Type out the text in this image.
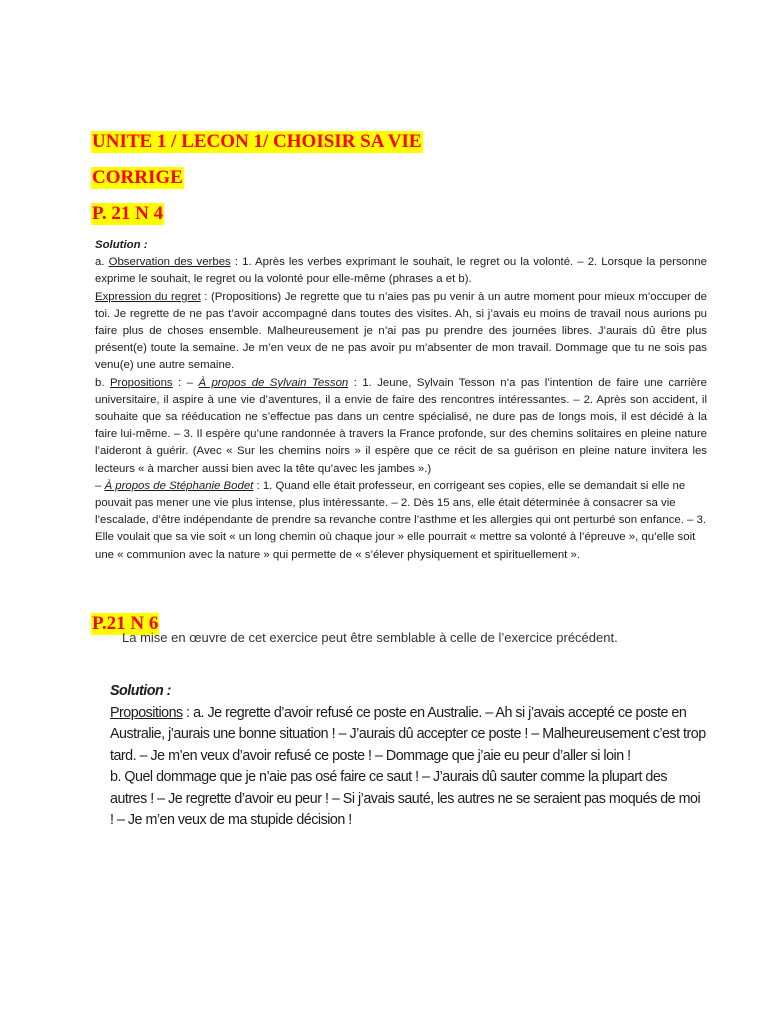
UNITE 1 / LECON 1/ CHOISIR SA VIE
CORRIGE
P. 21 N 4

Solution :

a. Observation des verbes : 1. Après les verbes exprimant le souhait, le regret ou la volonté. – 2. Lorsque la personne exprime le souhait, le regret ou la volonté pour elle-même (phrases a et b).

Expression du regret : (Propositions) Je regrette que tu n’aies pas pu venir à un autre moment pour mieux m’occuper de toi. Je regrette de ne pas t’avoir accompagné dans toutes des visites. Ah, si j’avais eu moins de travail nous aurions pu faire plus de choses ensemble. Malheureusement je n’ai pas pu prendre des journées libres. J’aurais dû être plus présent(e) toute la semaine. Je m’en veux de ne pas avoir pu m’absenter de mon travail. Dommage que tu ne sois pas venu(e) une autre semaine.

b. Propositions : – À propos de Sylvain Tesson : 1. Jeune, Sylvain Tesson n’a pas l’intention de faire une carrière universitaire, il aspire à une vie d’aventures, il a envie de faire des rencontres intéressantes. – 2. Après son accident, il souhaite que sa rééducation ne s’effectue pas dans un centre spécialisé, ne dure pas de longs mois, il est décidé à la faire lui-même. – 3. Il espère qu’une randonnée à travers la France profonde, sur des chemins solitaires en pleine nature l’aideront à guérir. (Avec « Sur les chemins noirs » il espère que ce récit de sa guérison en pleine nature invitera les lecteurs « à marcher aussi bien avec la tête qu’avec les jambes ».)

– À propos de Stéphanie Bodet : 1. Quand elle était professeur, en corrigeant ses copies, elle se demandait si elle ne pouvait pas mener une vie plus intense, plus intéressante. – 2. Dès 15 ans, elle était déterminée à consacrer sa vie l’escalade, d’être indépendante de prendre sa revanche contre l’asthme et les allergies qui ont perturbé son enfance. – 3. Elle voulait que sa vie soit « un long chemin où chaque jour » elle pourrait « mettre sa volonté à l’épreuve », qu’elle soit une « communion avec la nature » qui permette de « s’élever physiquement et spirituellement ».

P.21 N 6
La mise en œuvre de cet exercice peut être semblable à celle de l’exercice précédent.

Solution :

Propositions : a. Je regrette d’avoir refusé ce poste en Australie. – Ah si j’avais accepté ce poste en Australie, j’aurais une bonne situation ! – J’aurais dû accepter ce poste ! – Malheureusement c’est trop tard. – Je m’en veux d’avoir refusé ce poste ! – Dommage que j’aie eu peur d’aller si loin !

b. Quel dommage que je n’aie pas osé faire ce saut ! – J’aurais dû sauter comme la plupart des autres ! – Je regrette d’avoir eu peur ! – Si j’avais sauté, les autres ne se seraient pas moqués de moi ! – Je m’en veux de ma stupide décision !
